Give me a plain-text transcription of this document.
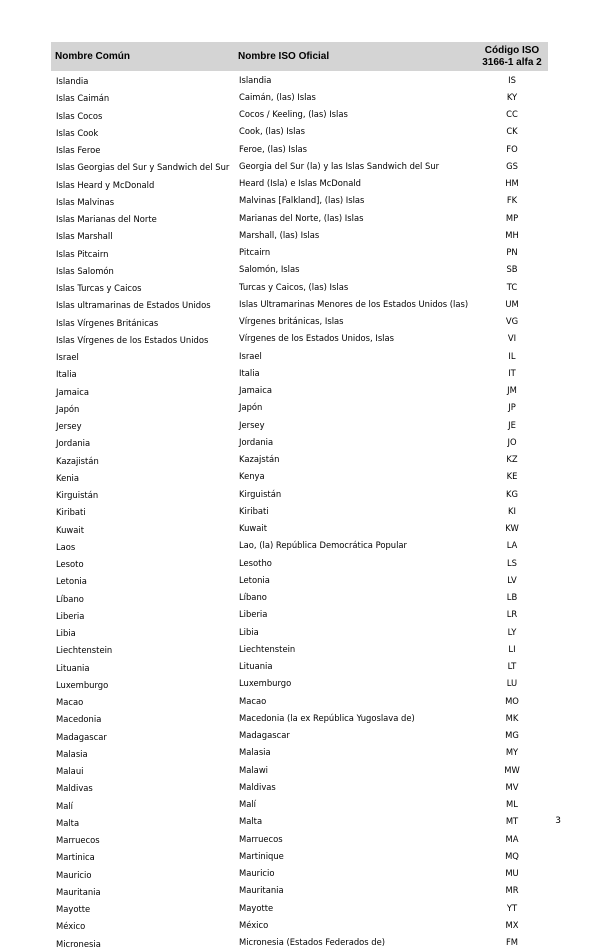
Nombre Común	Nombre ISO Oficial	Código ISO
3166-1 alfa 2

Islandia	Islandia	IS
Islas Caimán	Caimán, (las) Islas	KY
Islas Cocos	Cocos / Keeling, (las) Islas	CC
Islas Cook	Cook, (las) Islas	CK
Islas Feroe	Feroe, (las) Islas	FO
Islas Georgias del Sur y Sandwich del Sur	Georgia del Sur (la) y las Islas Sandwich del Sur	GS
Islas Heard y McDonald	Heard (Isla) e Islas McDonald	HM
Islas Malvinas	Malvinas [Falkland], (las) Islas	FK
Islas Marianas del Norte	Marianas del Norte, (las) Islas	MP
Islas Marshall	Marshall, (las) Islas	MH
Islas Pitcairn	Pitcairn	PN
Islas Salomón	Salomón, Islas	SB
Islas Turcas y Caicos	Turcas y Caicos, (las) Islas	TC
Islas ultramarinas de Estados Unidos	Islas Ultramarinas Menores de los Estados Unidos (las)	UM
Islas Vírgenes Británicas	Vírgenes británicas, Islas	VG
Islas Vírgenes de los Estados Unidos	Vírgenes de los Estados Unidos, Islas	VI
Israel	Israel	IL
Italia	Italia	IT
Jamaica	Jamaica	JM
Japón	Japón	JP
Jersey	Jersey	JE
Jordania	Jordania	JO
Kazajistán	Kazajstán	KZ
Kenia	Kenya	KE
Kirguistán	Kirguistán	KG
Kiribati	Kiribati	KI
Kuwait	Kuwait	KW
Laos	Lao, (la) República Democrática Popular	LA
Lesoto	Lesotho	LS
Letonia	Letonia	LV
Líbano	Líbano	LB
Liberia	Liberia	LR
Libia	Libia	LY
Liechtenstein	Liechtenstein	LI
Lituania	Lituania	LT
Luxemburgo	Luxemburgo	LU
Macao	Macao	MO
Macedonia	Macedonia (la ex República Yugoslava de)	MK
Madagascar	Madagascar	MG
Malasia	Malasia	MY
Malaui	Malawi	MW
Maldivas	Maldivas	MV
Malí	Malí	ML
Malta	Malta	MT
Marruecos	Marruecos	MA
Martinica	Martinique	MQ
Mauricio	Mauricio	MU
Mauritania	Mauritania	MR
Mayotte	Mayotte	YT
México	México	MX
Micronesia	Micronesia (Estados Federados de)	FM
3
